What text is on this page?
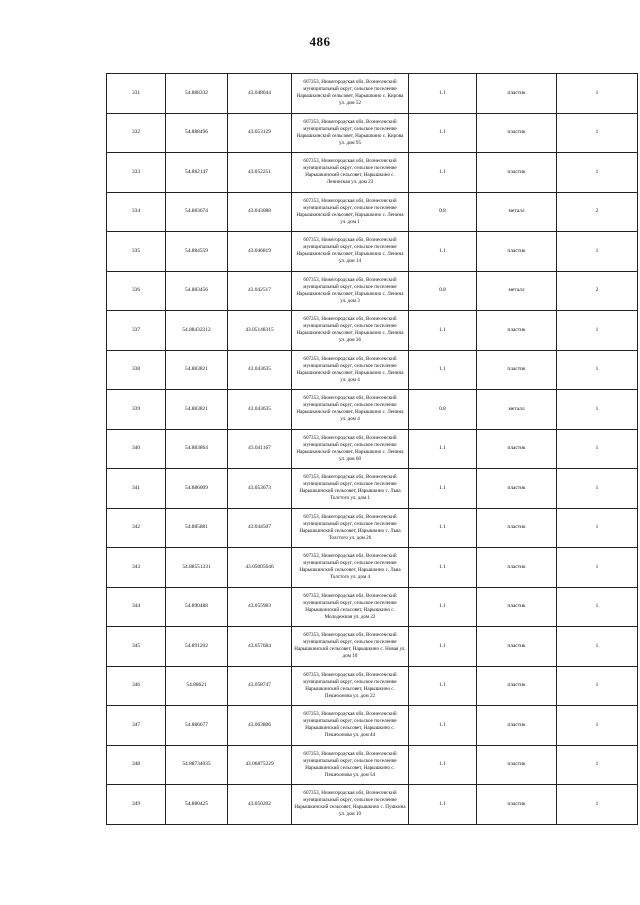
486
331	54.888332	43.048044	607353, Нижегородская обл, Вознесенский муниципальный округ, сельское поселение Нарышкинский сельсовет, Нарышкино с. Кирова ул. дом 52	1.1	пластик	1
332	54.888496	43.053129	607353, Нижегородская обл, Вознесенский муниципальный округ, сельское поселение Нарышкинский сельсовет, Нарышкино с. Кирова ул. дом 95	1.1	пластик	1
333	54.882147	43.052251	607353, Нижегородская обл, Вознесенский муниципальный округ, сельское поселение Нарышкинский сельсовет, Нарышкино с. Ленинская ул. дом 23	1.1	пластик	1
334	54.883674	43.043088	607353, Нижегородская обл, Вознесенский муниципальный округ, сельское поселение Нарышкинский сельсовет, Нарышкино с. Ленина ул. дом 1	0.8	металл	2
335	54.884559	43.046819	607353, Нижегородская обл, Вознесенский муниципальный округ, сельское поселение Нарышкинский сельсовет, Нарышкино с. Ленина ул. дом 14	1.1	пластик	1
336	54.883456	43.042517	607353, Нижегородская обл, Вознесенский муниципальный округ, сельское поселение Нарышкинский сельсовет, Нарышкино с. Ленина ул. дом 3	0.8	металл	2
337	54.88432312	43.05148315	607353, Нижегородская обл, Вознесенский муниципальный округ, сельское поселение Нарышкинский сельсовет, Нарышкино с. Ленина ул. дом 36	1.1	пластик	1
338	54.883821	43.043635	607353, Нижегородская обл, Вознесенский муниципальный округ, сельское поселение Нарышкинский сельсовет, Нарышкино с. Ленина ул. дом 4	1.1	пластик	1
339	54.883821	43.043635	607353, Нижегородская обл, Вознесенский муниципальный округ, сельское поселение Нарышкинский сельсовет, Нарышкино с. Ленина ул. дом 4	0.8	металл	1
340	54.883864	43.041167	607353, Нижегородская обл, Вознесенский муниципальный округ, сельское поселение Нарышкинский сельсовет, Нарышкино с. Ленина ул. дом 60	1.1	пластик	1
341	54.886009	43.053673	607353, Нижегородская обл, Вознесенский муниципальный округ, сельское поселение Нарышкинский сельсовет, Нарышкино с. Льва Толстого ул. дом 1	1.1	пластик	1
342	54.885881	43.044507	607353, Нижегородская обл, Вознесенский муниципальный округ, сельское поселение Нарышкинский сельсовет, Нарышкино с. Льва Толстого ул. дом 26	1.1	пластик	1
343	54.88551331	43.05005646	607353, Нижегородская обл, Вознесенский муниципальный округ, сельское поселение Нарышкинский сельсовет, Нарышкино с. Льва Толстого ул. дом 4	1.1	пластик	1
344	54.890488	43.055983	607353, Нижегородская обл, Вознесенский муниципальный округ, сельское поселение Нарышкинский сельсовет, Нарышкино с. Молодежная ул. дом 22	1.1	пластик	1
345	54.891202	43.057684	607353, Нижегородская обл, Вознесенский муниципальный округ, сельское поселение Нарышкинский сельсовет, Нарышкино с. Новая ул. дом 10	1.1	пластик	1
346	54.88621	43.058747	607353, Нижегородская обл, Вознесенский муниципальный округ, сельское поселение Нарышкинский сельсовет, Нарышкино с. Пешехонова ул. дом 22	1.1	пластик	1
347	54.886677	43.063806	607353, Нижегородская обл, Вознесенский муниципальный округ, сельское поселение Нарышкинский сельсовет, Нарышкино с. Пешехонова ул. дом 44	1.1	пластик	1
348	54.88734035	43.06875229	607353, Нижегородская обл, Вознесенский муниципальный округ, сельское поселение Нарышкинский сельсовет, Нарышкино с. Пешехонова ул. дом 54	1.1	пластик	1
349	54.880425	43.050202	607353, Нижегородская обл, Вознесенский муниципальный округ, сельское поселение Нарышкинский сельсовет, Нарышкино с. Пушкина ул. дом 10	1.1	пластик	1
